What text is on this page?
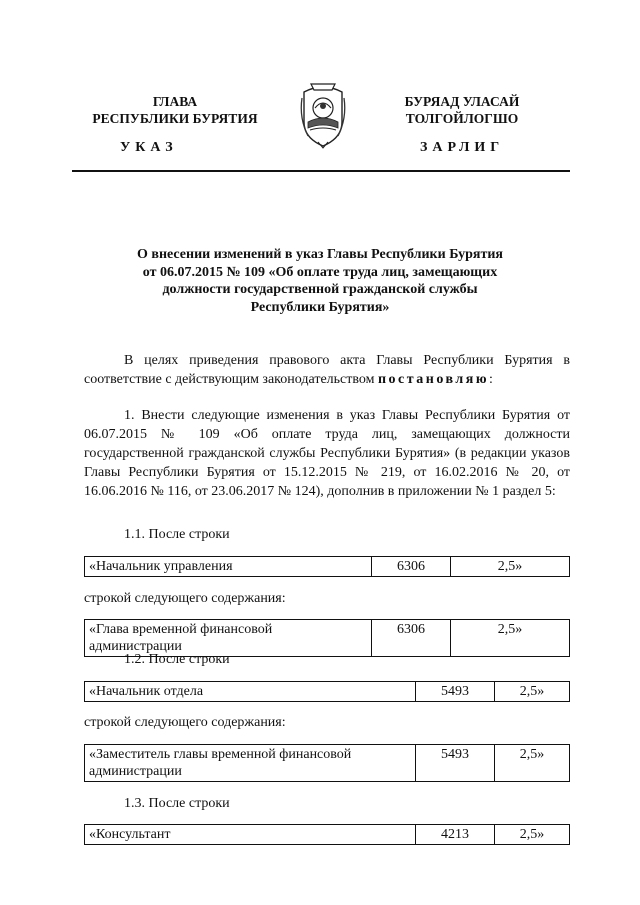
ГЛАВА
РЕСПУБЛИКИ БУРЯТИЯ
БУРЯАД УЛАСАЙ
ТОЛГОЙЛОГШО
УКАЗ	ЗАРЛИГ
О внесении изменений в указ Главы Республики Бурятия
от 06.07.2015 № 109 «Об оплате труда лиц, замещающих
должности государственной гражданской службы
Республики Бурятия»
В целях приведения правового акта Главы Республики Бурятия в соответствие с действующим законодательством постановляю:
1. Внести следующие изменения в указ Главы Республики Бурятия от 06.07.2015 № 109 «Об оплате труда лиц, замещающих должности государственной гражданской службы Республики Бурятия» (в редакции указов Главы Республики Бурятия от 15.12.2015 № 219, от 16.02.2016 № 20, от 16.06.2016 № 116, от 23.06.2017 № 124), дополнив в приложении № 1 раздел 5:
1.1. После строки
«Начальник управления	6306	2,5»
строкой следующего содержания:
«Глава временной финансовой администрации	6306	2,5»
1.2. После строки
«Начальник отдела	5493	2,5»
строкой следующего содержания:
«Заместитель главы временной финансовой администрации	5493	2,5»
1.3. После строки
«Консультант	4213	2,5»
